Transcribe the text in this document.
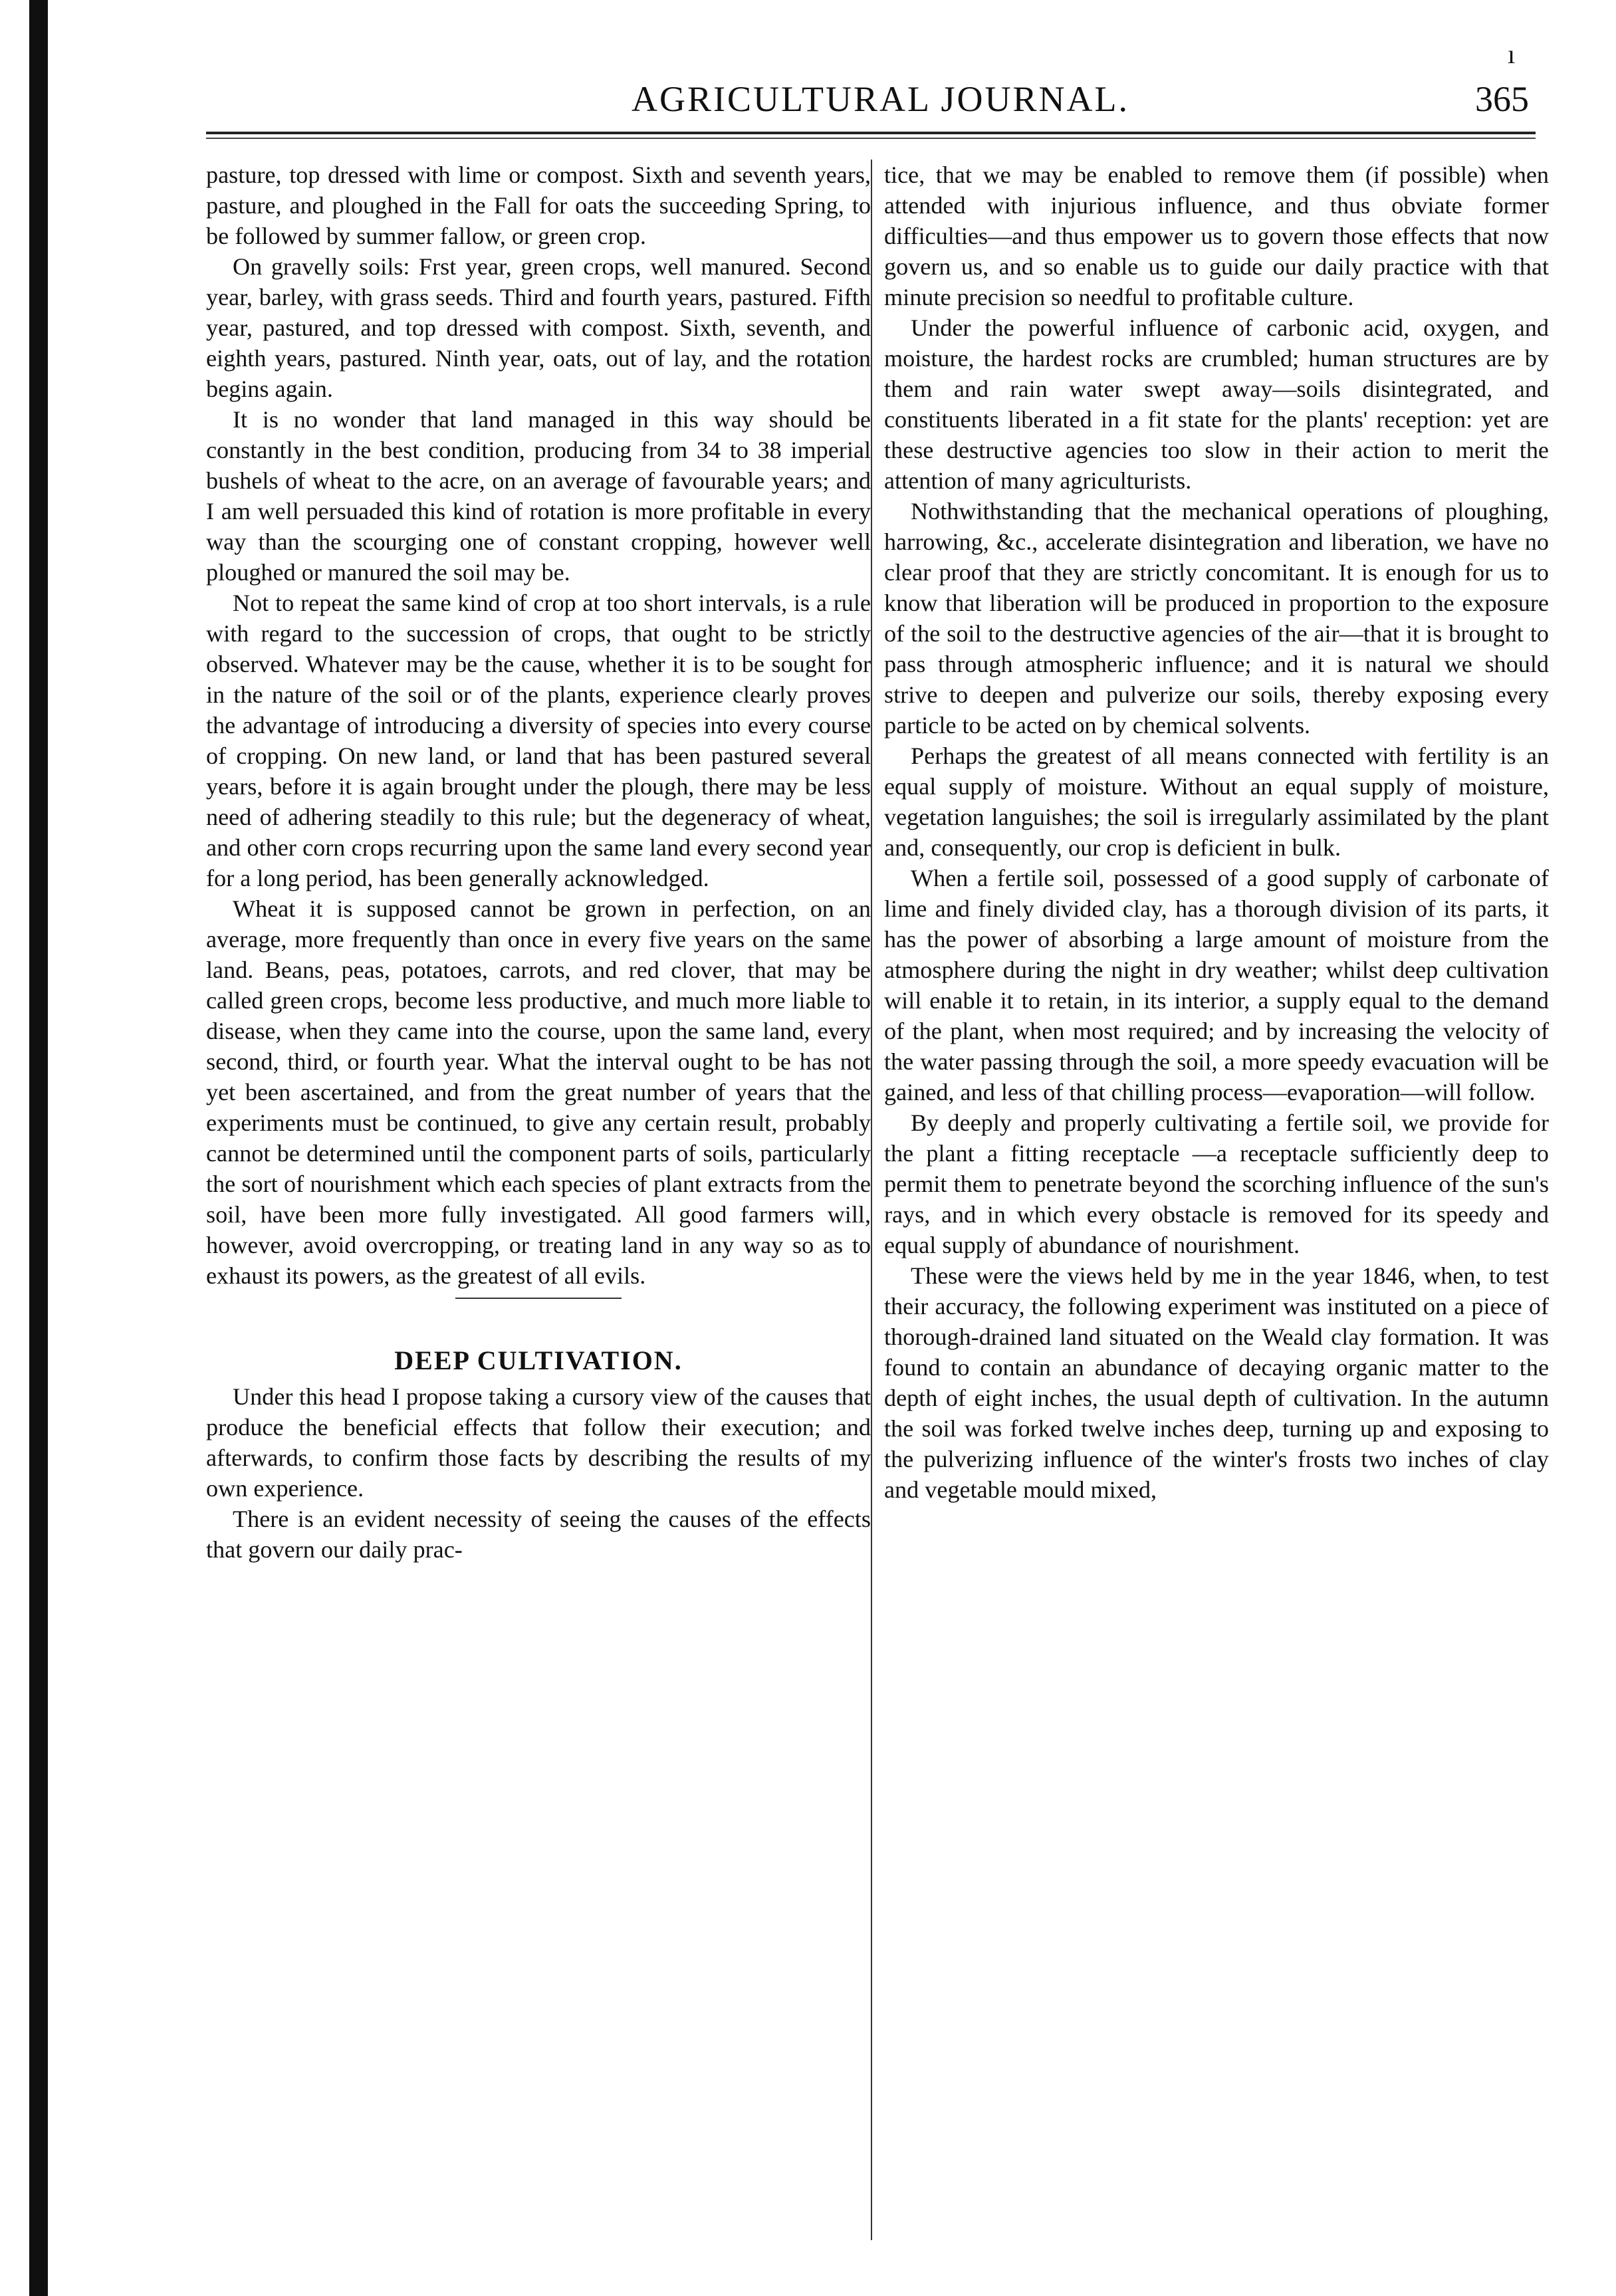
ı
AGRICULTURAL JOURNAL.	365

pasture, top dressed with lime or compost. Sixth and seventh years, pasture, and ploughed in the Fall for oats the succeeding Spring, to be followed by summer fallow, or green crop.

On gravelly soils: Frst year, green crops, well manured. Second year, barley, with grass seeds. Third and fourth years, pastured. Fifth year, pastured, and top dressed with compost. Sixth, seventh, and eighth years, pastured. Ninth year, oats, out of lay, and the rotation begins again.

It is no wonder that land managed in this way should be constantly in the best condition, producing from 34 to 38 imperial bushels of wheat to the acre, on an average of favourable years; and I am well persuaded this kind of rotation is more profitable in every way than the scourging one of constant cropping, however well ploughed or manured the soil may be.

Not to repeat the same kind of crop at too short intervals, is a rule with regard to the succession of crops, that ought to be strictly observed. Whatever may be the cause, whether it is to be sought for in the nature of the soil or of the plants, experience clearly proves the advantage of introducing a diversity of species into every course of cropping. On new land, or land that has been pastured several years, before it is again brought under the plough, there may be less need of adhering steadily to this rule; but the degeneracy of wheat, and other corn crops recurring upon the same land every second year for a long period, has been generally acknowledged.

Wheat it is supposed cannot be grown in perfection, on an average, more frequently than once in every five years on the same land. Beans, peas, potatoes, carrots, and red clover, that may be called green crops, become less productive, and much more liable to disease, when they came into the course, upon the same land, every second, third, or fourth year. What the interval ought to be has not yet been ascertained, and from the great number of years that the experiments must be continued, to give any certain result, probably cannot be determined until the component parts of soils, particularly the sort of nourishment which each species of plant extracts from the soil, have been more fully investigated. All good farmers will, however, avoid overcropping, or treating land in any way so as to exhaust its powers, as the greatest of all evils.

DEEP CULTIVATION.

Under this head I propose taking a cursory view of the causes that produce the beneficial effects that follow their execution; and afterwards, to confirm those facts by describing the results of my own experience.

There is an evident necessity of seeing the causes of the effects that govern our daily prac-

tice, that we may be enabled to remove them (if possible) when attended with injurious influence, and thus obviate former difficulties—and thus empower us to govern those effects that now govern us, and so enable us to guide our daily practice with that minute precision so needful to profitable culture.

Under the powerful influence of carbonic acid, oxygen, and moisture, the hardest rocks are crumbled; human structures are by them and rain water swept away—soils disintegrated, and constituents liberated in a fit state for the plants' reception: yet are these destructive agencies too slow in their action to merit the attention of many agriculturists.

Nothwithstanding that the mechanical operations of ploughing, harrowing, &c., accelerate disintegration and liberation, we have no clear proof that they are strictly concomitant. It is enough for us to know that liberation will be produced in proportion to the exposure of the soil to the destructive agencies of the air—that it is brought to pass through atmospheric influence; and it is natural we should strive to deepen and pulverize our soils, thereby exposing every particle to be acted on by chemical solvents.

Perhaps the greatest of all means connected with fertility is an equal supply of moisture. Without an equal supply of moisture, vegetation languishes; the soil is irregularly assimilated by the plant and, consequently, our crop is deficient in bulk.

When a fertile soil, possessed of a good supply of carbonate of lime and finely divided clay, has a thorough division of its parts, it has the power of absorbing a large amount of moisture from the atmosphere during the night in dry weather; whilst deep cultivation will enable it to retain, in its interior, a supply equal to the demand of the plant, when most required; and by increasing the velocity of the water passing through the soil, a more speedy evacuation will be gained, and less of that chilling process—evaporation—will follow.

By deeply and properly cultivating a fertile soil, we provide for the plant a fitting receptacle —a receptacle sufficiently deep to permit them to penetrate beyond the scorching influence of the sun's rays, and in which every obstacle is removed for its speedy and equal supply of abundance of nourishment.

These were the views held by me in the year 1846, when, to test their accuracy, the following experiment was instituted on a piece of thorough-drained land situated on the Weald clay formation. It was found to contain an abundance of decaying organic matter to the depth of eight inches, the usual depth of cultivation. In the autumn the soil was forked twelve inches deep, turning up and exposing to the pulverizing influence of the winter's frosts two inches of clay and vegetable mould mixed,
